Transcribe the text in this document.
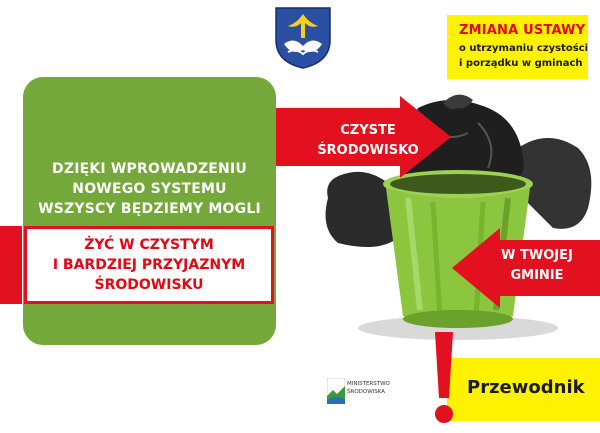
ZMIANA USTAWY
o utrzymaniu czystości
i porządku w gminach
DZIĘKI WPROWADZENIU
NOWEGO SYSTEMU
WSZYSCY BĘDZIEMY MOGLI
ŻYĆ W CZYSTYM
I BARDZIEJ PRZYJAZNYM
ŚRODOWISKU
CZYSTE
ŚRODOWISKO
W TWOJEJ
GMINIE
MINISTERSTWO
ŚRODOWISKA	Przewodnik
